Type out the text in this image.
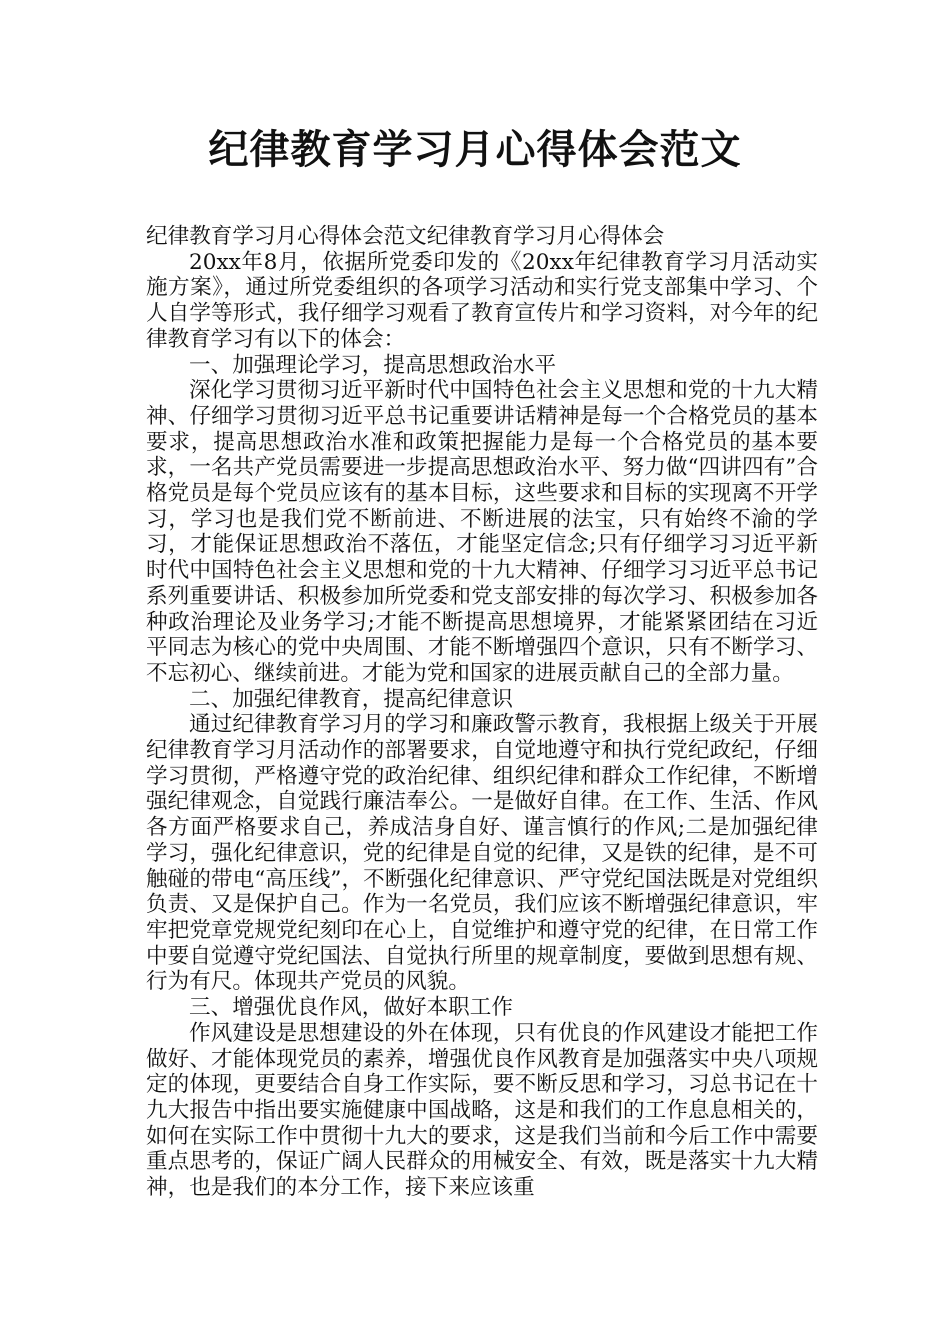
纪律教育学习月心得体会范文

纪律教育学习月心得体会范文纪律教育学习月心得体会

20xx年8月，依据所党委印发的《20xx年纪律教育学习月活动实施方案》，通过所党委组织的各项学习活动和实行党支部集中学习、个人自学等形式，我仔细学习观看了教育宣传片和学习资料，对今年的纪律教育学习有以下的体会：

一、加强理论学习，提高思想政治水平

深化学习贯彻习近平新时代中国特色社会主义思想和党的十九大精神、仔细学习贯彻习近平总书记重要讲话精神是每一个合格党员的基本要求，提高思想政治水准和政策把握能力是每一个合格党员的基本要求，一名共产党员需要进一步提高思想政治水平、努力做“四讲四有”合格党员是每个党员应该有的基本目标，这些要求和目标的实现离不开学习，学习也是我们党不断前进、不断进展的法宝，只有始终不渝的学习，才能保证思想政治不落伍，才能坚定信念;只有仔细学习习近平新时代中国特色社会主义思想和党的十九大精神、仔细学习习近平总书记系列重要讲话、积极参加所党委和党支部安排的每次学习、积极参加各种政治理论及业务学习;才能不断提高思想境界，才能紧紧团结在习近平同志为核心的党中央周围、才能不断增强四个意识，只有不断学习、不忘初心、继续前进。才能为党和国家的进展贡献自己的全部力量。

二、加强纪律教育，提高纪律意识

通过纪律教育学习月的学习和廉政警示教育，我根据上级关于开展纪律教育学习月活动作的部署要求，自觉地遵守和执行党纪政纪，仔细学习贯彻，严格遵守党的政治纪律、组织纪律和群众工作纪律，不断增强纪律观念，自觉践行廉洁奉公。一是做好自律。在工作、生活、作风各方面严格要求自己，养成洁身自好、谨言慎行的作风;二是加强纪律学习，强化纪律意识，党的纪律是自觉的纪律，又是铁的纪律，是不可触碰的带电“高压线”，不断强化纪律意识、严守党纪国法既是对党组织负责、又是保护自己。作为一名党员，我们应该不断增强纪律意识，牢牢把党章党规党纪刻印在心上，自觉维护和遵守党的纪律，在日常工作中要自觉遵守党纪国法、自觉执行所里的规章制度，要做到思想有规、行为有尺。体现共产党员的风貌。

三、增强优良作风，做好本职工作

作风建设是思想建设的外在体现，只有优良的作风建设才能把工作做好、才能体现党员的素养，增强优良作风教育是加强落实中央八项规定的体现，更要结合自身工作实际，要不断反思和学习，习总书记在十九大报告中指出要实施健康中国战略，这是和我们的工作息息相关的，如何在实际工作中贯彻十九大的要求，这是我们当前和今后工作中需要重点思考的，保证广阔人民群众的用械安全、有效，既是落实十九大精神，也是我们的本分工作，接下来应该重
